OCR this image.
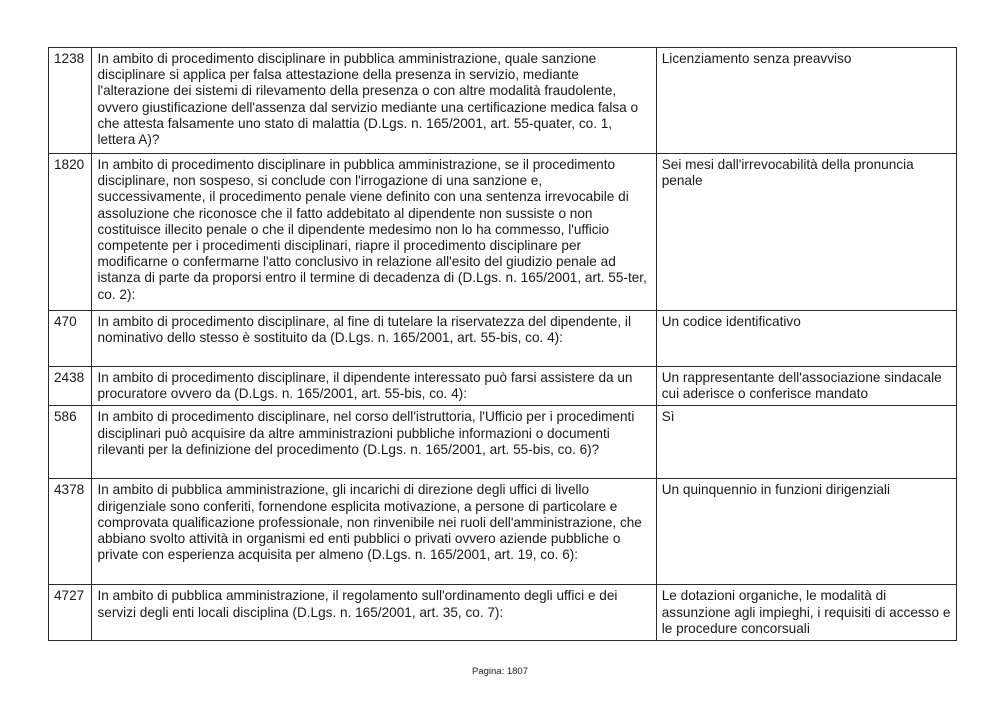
1238	In ambito di procedimento disciplinare in pubblica amministrazione, quale sanzione disciplinare si applica per falsa attestazione della presenza in servizio, mediante l'alterazione dei sistemi di rilevamento della presenza o con altre modalità fraudolente, ovvero giustificazione dell'assenza dal servizio mediante una certificazione medica falsa o che attesta falsamente uno stato di malattia (D.Lgs. n. 165/2001, art. 55-quater, co. 1, lettera A)?	Licenziamento senza preavviso
1820	In ambito di procedimento disciplinare in pubblica amministrazione, se il procedimento disciplinare, non sospeso, si conclude con l'irrogazione di una sanzione e, successivamente, il procedimento penale viene definito con una sentenza irrevocabile di assoluzione che riconosce che il fatto addebitato al dipendente non sussiste o non costituisce illecito penale o che il dipendente medesimo non lo ha commesso, l'ufficio competente per i procedimenti disciplinari, riapre il procedimento disciplinare per modificarne o confermarne l'atto conclusivo in relazione all'esito del giudizio penale ad istanza di parte da proporsi entro il termine di decadenza di (D.Lgs. n. 165/2001, art. 55-ter, co. 2):	Sei mesi dall'irrevocabilità della pronuncia penale
470	In ambito di procedimento disciplinare, al fine di tutelare la riservatezza del dipendente, il nominativo dello stesso è sostituito da (D.Lgs. n. 165/2001, art. 55-bis, co. 4):	Un codice identificativo
2438	In ambito di procedimento disciplinare, il dipendente interessato può farsi assistere da un procuratore ovvero da (D.Lgs. n. 165/2001, art. 55-bis, co. 4):	Un rappresentante dell'associazione sindacale cui aderisce o conferisce mandato
586	In ambito di procedimento disciplinare, nel corso dell'istruttoria, l'Ufficio per i procedimenti disciplinari può acquisire da altre amministrazioni pubbliche informazioni o documenti rilevanti per la definizione del procedimento (D.Lgs. n. 165/2001, art. 55-bis, co. 6)?	Sì
4378	In ambito di pubblica amministrazione, gli incarichi di direzione degli uffici di livello dirigenziale sono conferiti, fornendone esplicita motivazione, a persone di particolare e comprovata qualificazione professionale, non rinvenibile nei ruoli dell'amministrazione, che abbiano svolto attività in organismi ed enti pubblici o privati ovvero aziende pubbliche o private con esperienza acquisita per almeno (D.Lgs. n. 165/2001, art. 19, co. 6):	Un quinquennio in funzioni dirigenziali
4727	In ambito di pubblica amministrazione, il regolamento sull'ordinamento degli uffici e dei servizi degli enti locali disciplina (D.Lgs. n. 165/2001, art. 35, co. 7):	Le dotazioni organiche, le modalità di assunzione agli impieghi, i requisiti di accesso e le procedure concorsuali
Pagina: 1807
